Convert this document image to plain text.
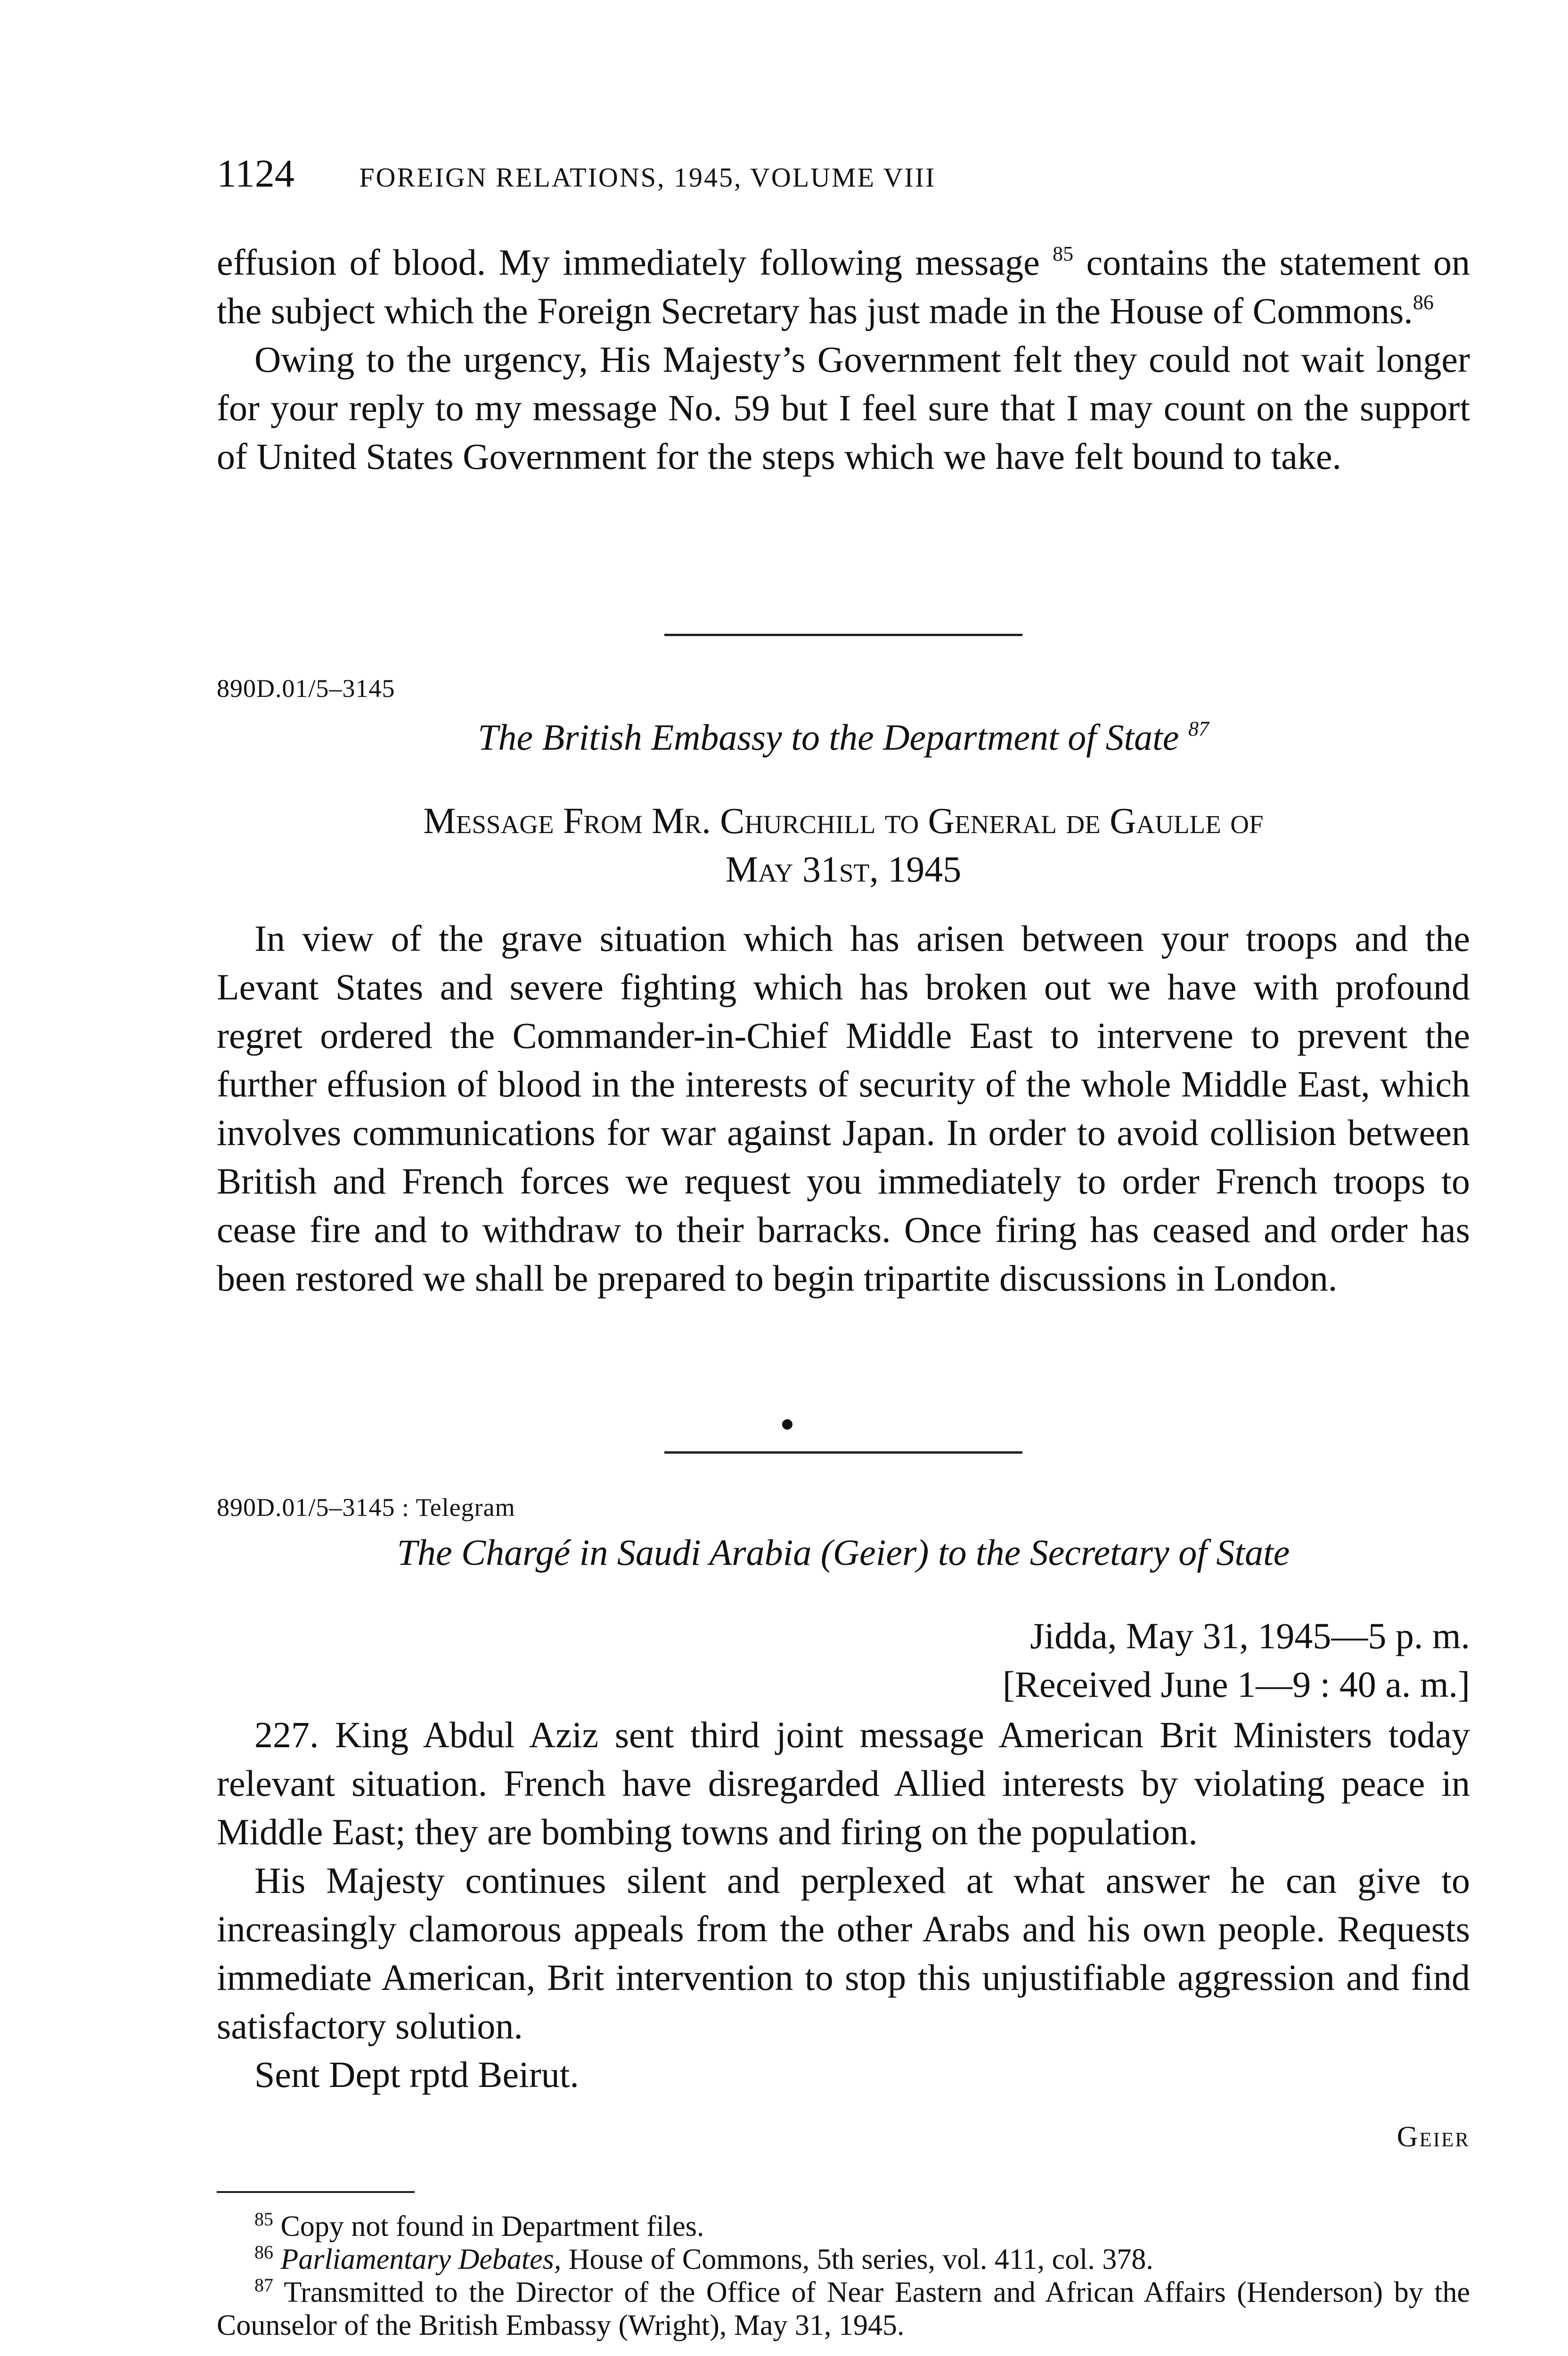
1124 FOREIGN RELATIONS, 1945, VOLUME VIII

effusion of blood. My immediately following message $^{85}$ contains the statement on the subject which the Foreign Secretary has just made in the House of Commons.$^{86}$

Owing to the urgency, His Majesty’s Government felt they could not wait longer for your reply to my message No. 59 but I feel sure that I may count on the support of United States Government for the steps which we have felt bound to take.

890D.01/5–3145

The British Embassy to the Department of State $^{87}$

Message From Mr. Churchill to General de Gaulle of

May 31st, 1945

In view of the grave situation which has arisen between your troops and the Levant States and severe fighting which has broken out we have with profound regret ordered the Commander-in-Chief Middle East to intervene to prevent the further effusion of blood in the interests of security of the whole Middle East, which involves communications for war against Japan. In order to avoid collision between British and French forces we request you immediately to order French troops to cease fire and to withdraw to their barracks. Once firing has ceased and order has been restored we shall be prepared to begin tripartite discussions in London.

890D.01/5–3145 : Telegram

The Chargé in Saudi Arabia (Geier) to the Secretary of State

Jidda, May 31, 1945—5 p. m.

[Received June 1—9 : 40 a. m.]

227. King Abdul Aziz sent third joint message American Brit Ministers today relevant situation. French have disregarded Allied interests by violating peace in Middle East; they are bombing towns and firing on the population.

His Majesty continues silent and perplexed at what answer he can give to increasingly clamorous appeals from the other Arabs and his own people. Requests immediate American, Brit intervention to stop this unjustifiable aggression and find satisfactory solution.

Sent Dept rptd Beirut.

Geier

$^{85}$ Copy not found in Department files.

$^{86}$ Parliamentary Debates, House of Commons, 5th series, vol. 411, col. 378.

$^{87}$ Transmitted to the Director of the Office of Near Eastern and African Affairs (Henderson) by the Counselor of the British Embassy (Wright), May 31, 1945.
